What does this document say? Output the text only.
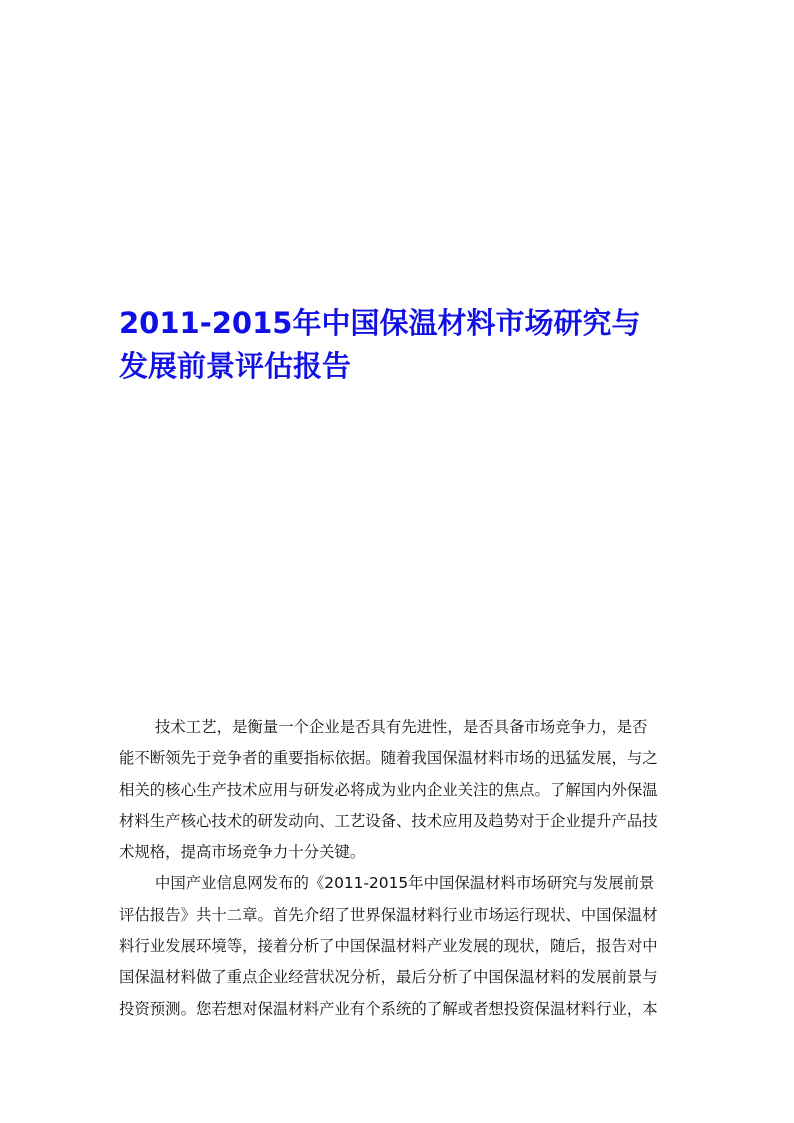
2011-2015年中国保温材料市场研究与
发展前景评估报告
技术工艺，是衡量一个企业是否具有先进性，是否具备市场竞争力，是否
能不断领先于竞争者的重要指标依据。随着我国保温材料市场的迅猛发展，与之
相关的核心生产技术应用与研发必将成为业内企业关注的焦点。了解国内外保温
材料生产核心技术的研发动向、工艺设备、技术应用及趋势对于企业提升产品技
术规格，提高市场竞争力十分关键。
中国产业信息网发布的《2011-2015年中国保温材料市场研究与发展前景
评估报告》共十二章。首先介绍了世界保温材料行业市场运行现状、中国保温材
料行业发展环境等，接着分析了中国保温材料产业发展的现状，随后，报告对中
国保温材料做了重点企业经营状况分析，最后分析了中国保温材料的发展前景与
投资预测。您若想对保温材料产业有个系统的了解或者想投资保温材料行业，本
